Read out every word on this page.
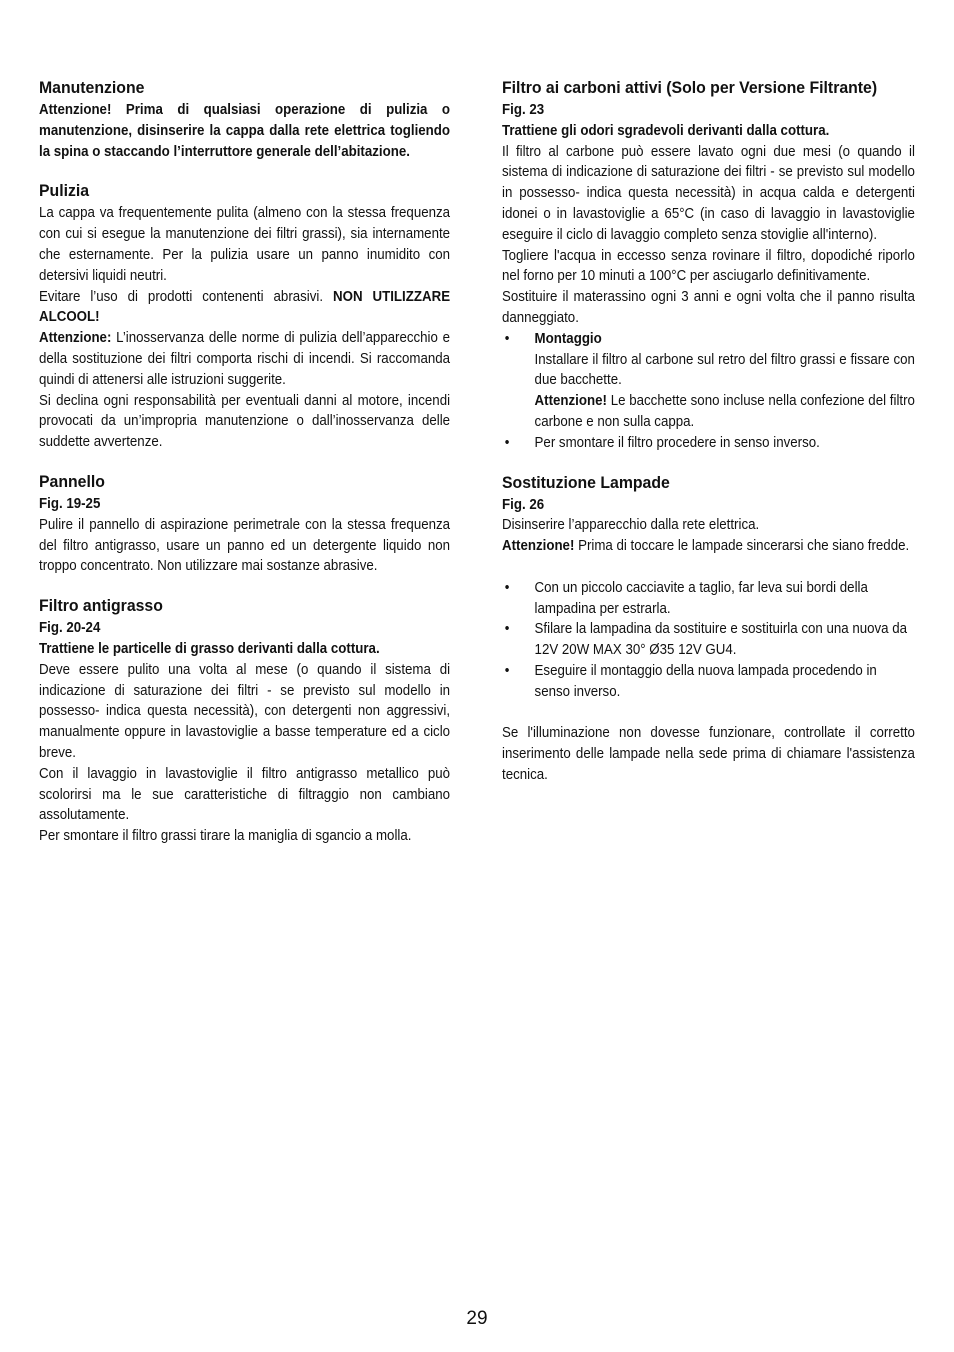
Manutenzione

Attenzione! Prima di qualsiasi operazione di pulizia o manutenzione, disinserire la cappa dalla rete elettrica togliendo la spina o staccando l’interruttore generale dell’abitazione.

Pulizia

La cappa va frequentemente pulita (almeno con la stessa frequenza con cui si esegue la manutenzione dei filtri grassi), sia internamente che esternamente. Per la pulizia usare un panno inumidito con detersivi liquidi neutri.

Evitare l’uso di prodotti contenenti abrasivi. NON UTILIZZARE ALCOOL!

Attenzione: L’inosservanza delle norme di pulizia dell’apparecchio e della sostituzione dei filtri comporta rischi di incendi. Si raccomanda quindi di attenersi alle istruzioni suggerite.

Si declina ogni responsabilità per eventuali danni al motore, incendi provocati da un’impropria manutenzione o dall’inosservanza delle suddette avvertenze.

Pannello

Fig. 19-25

Pulire il pannello di aspirazione perimetrale con la stessa frequenza del filtro antigrasso, usare un panno ed un detergente liquido non troppo concentrato. Non utilizzare mai sostanze abrasive.

Filtro antigrasso

Fig. 20-24

Trattiene le particelle di grasso derivanti dalla cottura.

Deve essere pulito una volta al mese (o quando il sistema di indicazione di saturazione dei filtri - se previsto sul modello in possesso- indica questa necessità), con detergenti non aggressivi, manualmente oppure in lavastoviglie a basse temperature ed a ciclo breve.

Con il lavaggio in lavastoviglie il filtro antigrasso metallico può scolorirsi ma le sue caratteristiche di filtraggio non cambiano assolutamente.

Per smontare il filtro grassi tirare la maniglia di sgancio a molla.

Filtro ai carboni attivi (Solo per Versione Filtrante)

Fig. 23

Trattiene gli odori sgradevoli derivanti dalla cottura.

Il filtro al carbone può essere lavato ogni due mesi (o quando il sistema di indicazione di saturazione dei filtri - se previsto sul modello in possesso- indica questa necessità) in acqua calda e detergenti idonei o in lavastoviglie a 65°C (in caso di lavaggio in lavastoviglie eseguire il ciclo di lavaggio completo senza stoviglie all'interno).

Togliere l'acqua in eccesso senza rovinare il filtro, dopodiché riporlo nel forno per 10 minuti a 100°C per asciugarlo definitivamente.

Sostituire il materassino ogni 3 anni e ogni volta che il panno risulta danneggiato.

• Montaggio
Installare il filtro al carbone sul retro del filtro grassi e fissare con due bacchette.
Attenzione! Le bacchette sono incluse nella confezione del filtro carbone e non sulla cappa.
• Per smontare il filtro procedere in senso inverso.
Sostituzione Lampade

Fig. 26

Disinserire l’apparecchio dalla rete elettrica.

Attenzione! Prima di toccare le lampade sincerarsi che siano fredde.

• Con un piccolo cacciavite a taglio, far leva sui bordi della lampadina per estrarla.
• Sfilare la lampadina da sostituire e sostituirla con una nuova da 12V 20W MAX 30° Ø35 12V GU4.
• Eseguire il montaggio della nuova lampada procedendo in senso inverso.

Se l'illuminazione non dovesse funzionare, controllate il corretto inserimento delle lampade nella sede prima di chiamare l'assistenza tecnica.

29
